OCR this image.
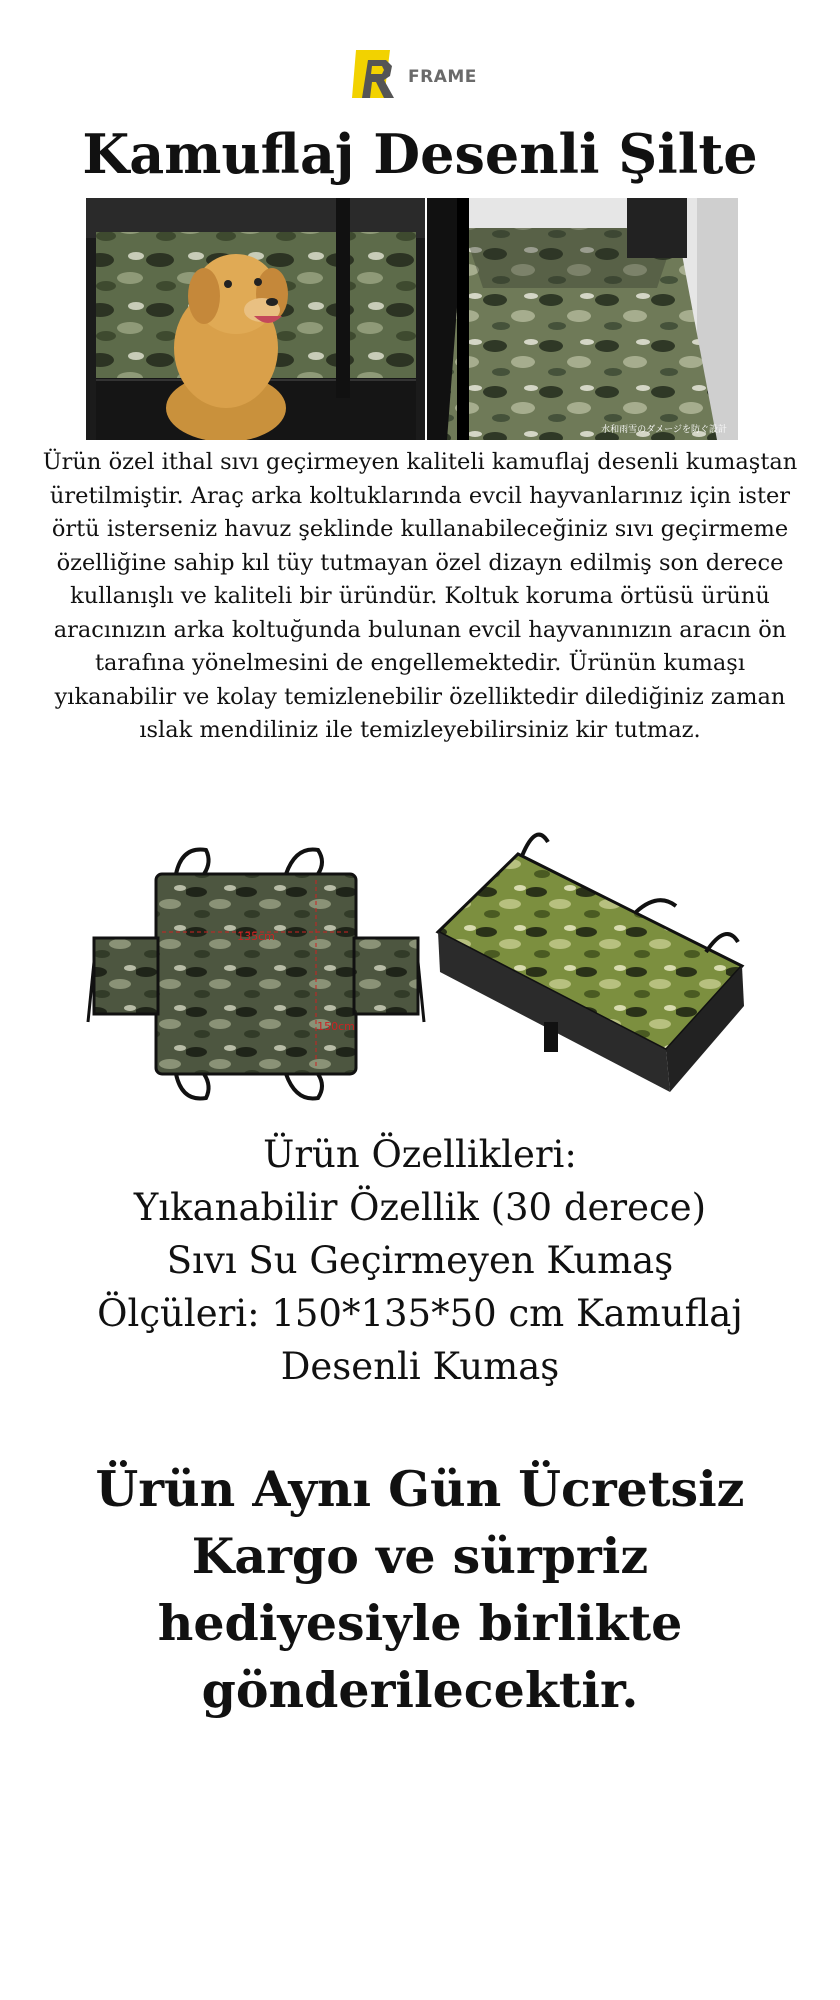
FRAME
Kamuflaj Desenli Şilte
水和雨雪のダメージを防ぐ設計

Ürün özel ithal sıvı geçirmeyen kaliteli kamuflaj desenli kumaştan üretilmiştir. Araç arka koltuklarında evcil hayvanlarınız için ister örtü isterseniz havuz şeklinde kullanabileceğiniz sıvı geçirmeme özelliğine sahip kıl tüy tutmayan özel dizayn edilmiş son derece kullanışlı ve kaliteli bir üründür. Koltuk koruma örtüsü ürünü aracınızın arka koltuğunda bulunan evcil hayvanınızın aracın ön tarafına yönelmesini de engellemektedir. Ürünün kumaşı yıkanabilir ve kolay temizlenebilir özelliktedir dilediğiniz zaman ıslak mendiliniz ile temizleyebilirsiniz kir tutmaz.

135cm
150cm
Ürün Özellikleri:
Yıkanabilir Özellik (30 derece)
Sıvı Su Geçirmeyen Kumaş
Ölçüleri: 150*135*50 cm Kamuflaj Desenli Kumaş

Ürün Aynı Gün Ücretsiz Kargo ve sürpriz hediyesiyle birlikte gönderilecektir.
